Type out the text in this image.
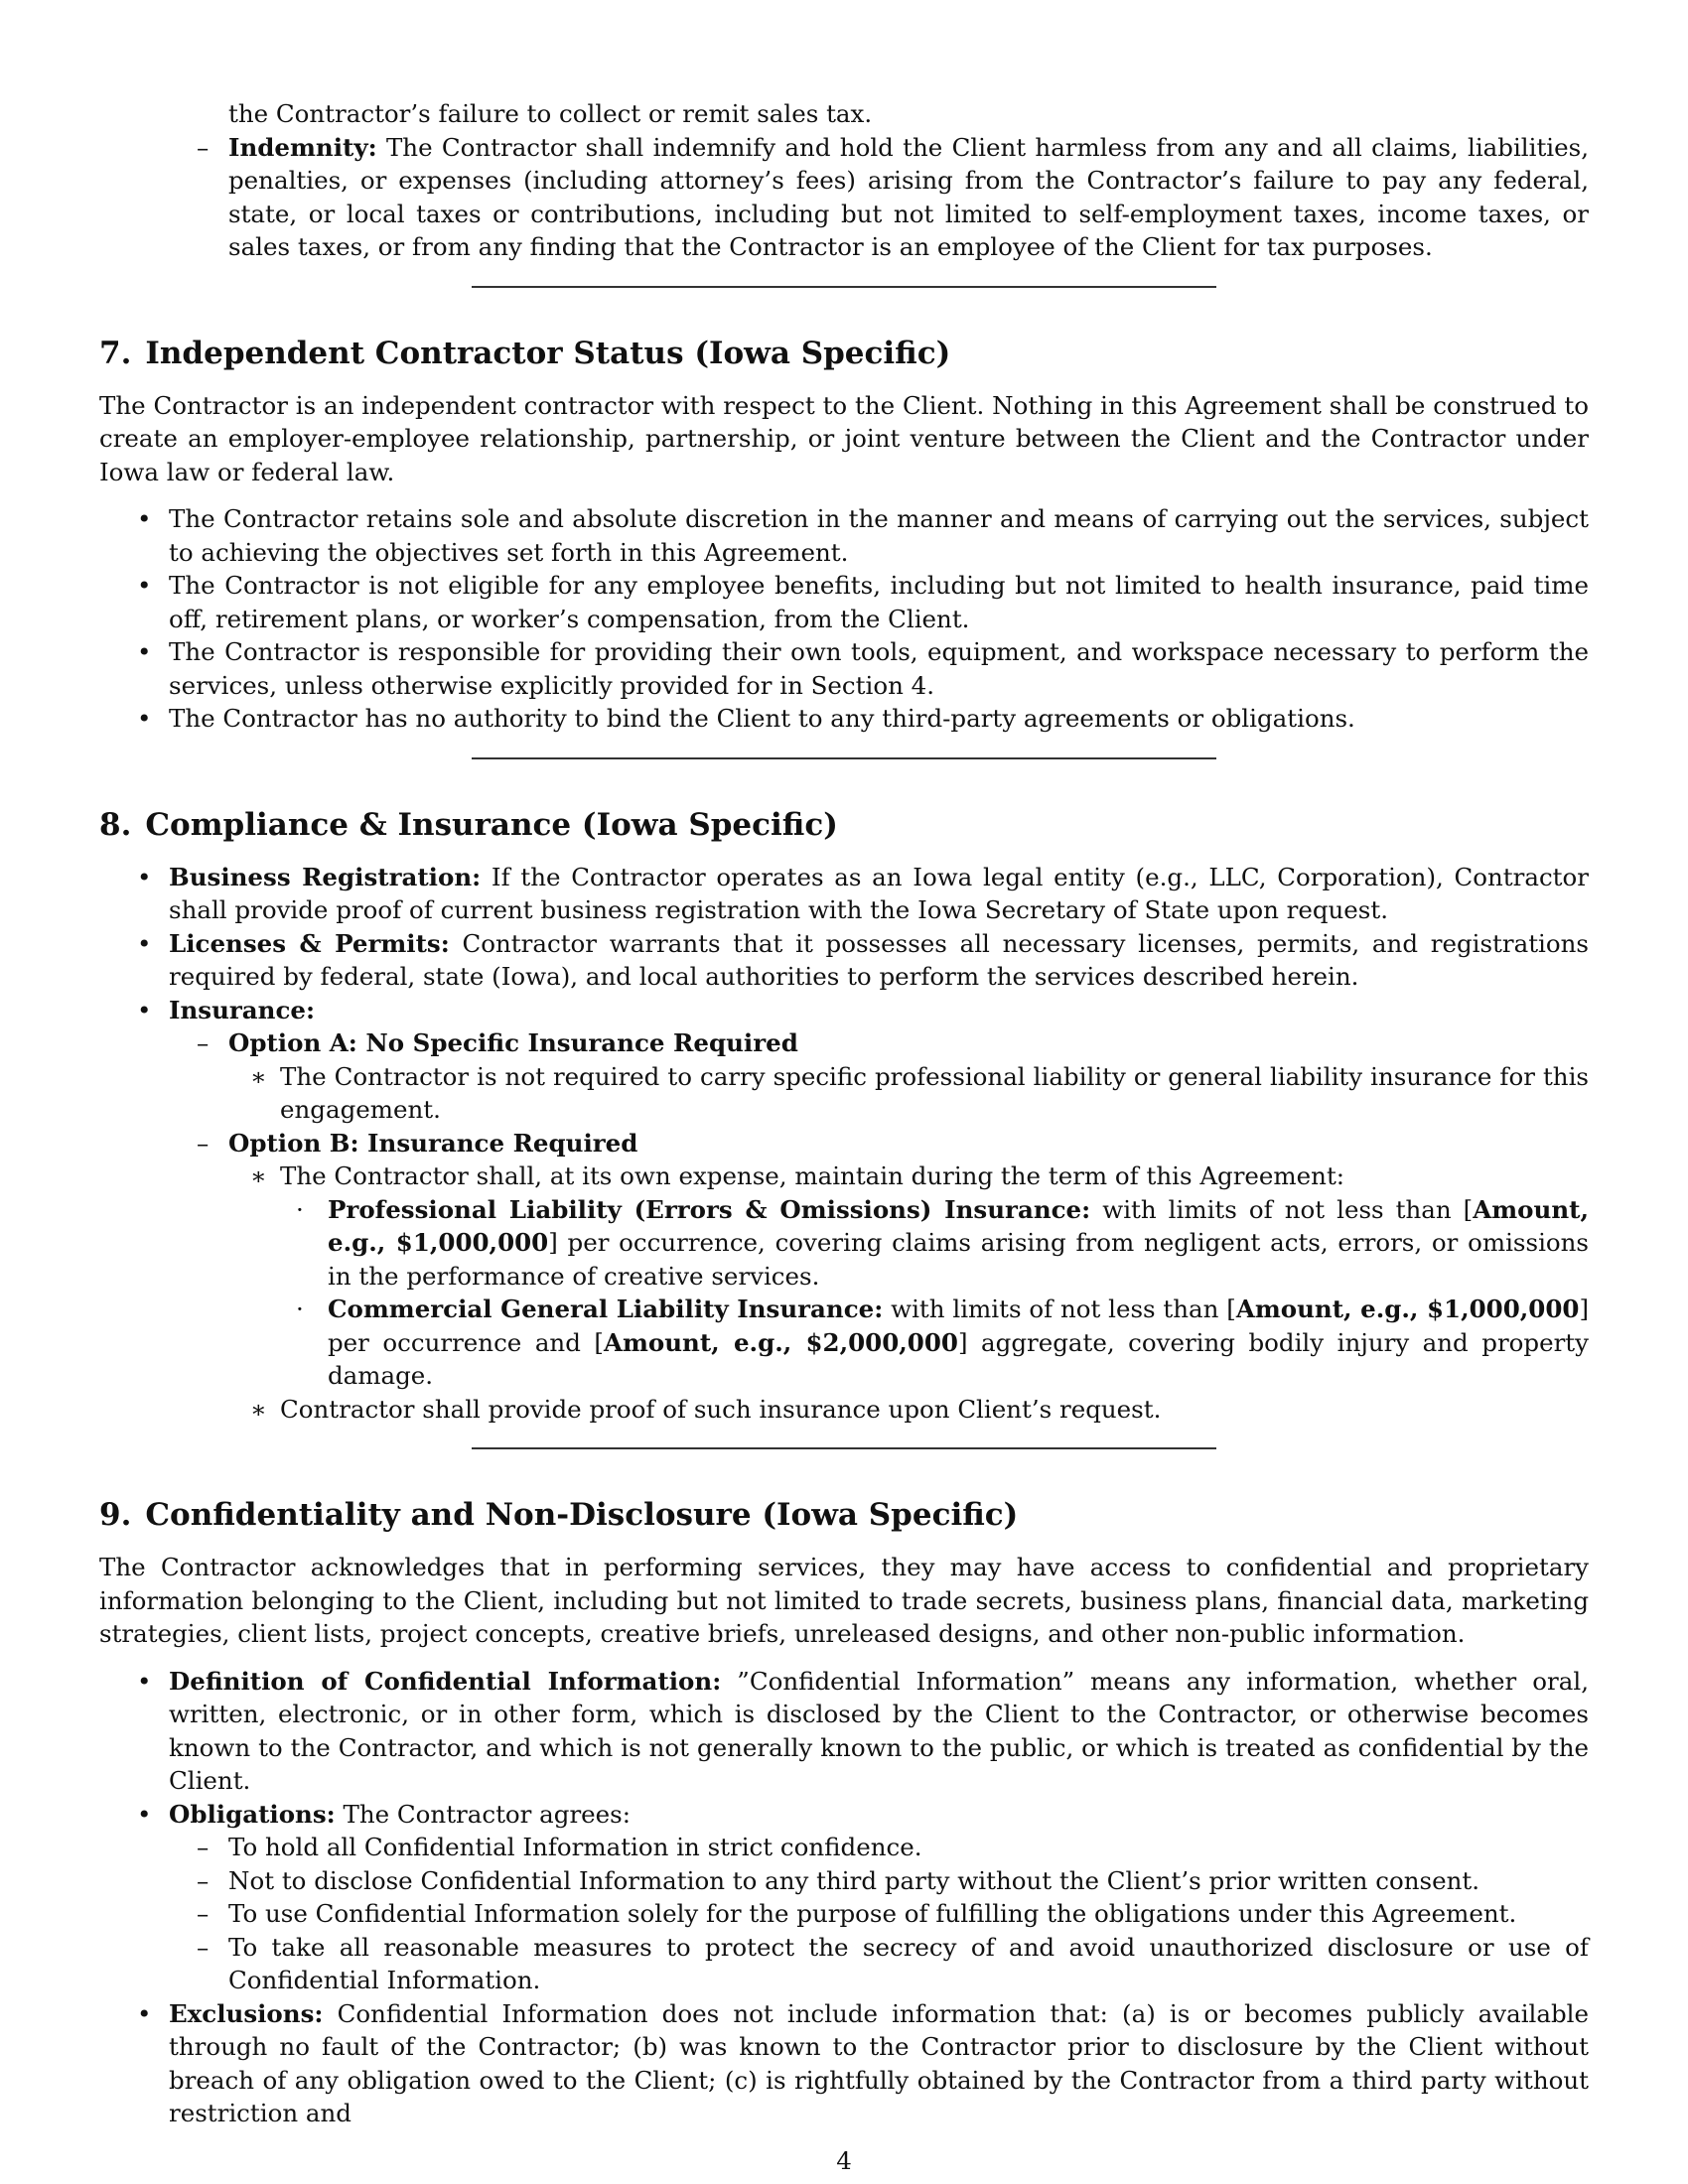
the Contractor’s failure to collect or remit sales tax.
– Indemnity: The Contractor shall indemnify and hold the Client harmless from any and all claims, liabilities, penalties, or expenses (including attorney’s fees) arising from the Contractor’s failure to pay any federal, state, or local taxes or contributions, including but not limited to self-employment taxes, income taxes, or sales taxes, or from any finding that the Contractor is an employee of the Client for tax purposes.
7. Independent Contractor Status (Iowa Specific)

The Contractor is an independent contractor with respect to the Client. Nothing in this Agreement shall be construed to create an employer-employee relationship, partnership, or joint venture between the Client and the Contractor under Iowa law or federal law.

• The Contractor retains sole and absolute discretion in the manner and means of carrying out the services, subject to achieving the objectives set forth in this Agreement.
• The Contractor is not eligible for any employee benefits, including but not limited to health insurance, paid time off, retirement plans, or worker’s compensation, from the Client.
• The Contractor is responsible for providing their own tools, equipment, and workspace necessary to perform the services, unless otherwise explicitly provided for in Section 4.
• The Contractor has no authority to bind the Client to any third-party agreements or obligations.
8. Compliance & Insurance (Iowa Specific)
• Business Registration: If the Contractor operates as an Iowa legal entity (e.g., LLC, Corporation), Contractor shall provide proof of current business registration with the Iowa Secretary of State upon request.
• Licenses & Permits: Contractor warrants that it possesses all necessary licenses, permits, and registrations required by federal, state (Iowa), and local authorities to perform the services described herein.
• Insurance:
– Option A: No Specific Insurance Required
∗ The Contractor is not required to carry specific professional liability or general liability insurance for this engagement.
– Option B: Insurance Required
∗ The Contractor shall, at its own expense, maintain during the term of this Agreement:
· Professional Liability (Errors & Omissions) Insurance: with limits of not less than [Amount, e.g., $1,000,000] per occurrence, covering claims arising from negligent acts, errors, or omissions in the performance of creative services.
· Commercial General Liability Insurance: with limits of not less than [Amount, e.g., $1,000,000] per occurrence and [Amount, e.g., $2,000,000] aggregate, covering bodily injury and property damage.
∗ Contractor shall provide proof of such insurance upon Client’s request.
9. Confidentiality and Non-Disclosure (Iowa Specific)

The Contractor acknowledges that in performing services, they may have access to confidential and proprietary information belonging to the Client, including but not limited to trade secrets, business plans, financial data, marketing strategies, client lists, project concepts, creative briefs, unreleased designs, and other non-public information.

• Definition of Confidential Information: ”Confidential Information” means any information, whether oral, written, electronic, or in other form, which is disclosed by the Client to the Contractor, or otherwise becomes known to the Contractor, and which is not generally known to the public, or which is treated as confidential by the Client.
• Obligations: The Contractor agrees:
– To hold all Confidential Information in strict confidence.
– Not to disclose Confidential Information to any third party without the Client’s prior written consent.
– To use Confidential Information solely for the purpose of fulfilling the obligations under this Agreement.
– To take all reasonable measures to protect the secrecy of and avoid unauthorized disclosure or use of Confidential Information.
• Exclusions: Confidential Information does not include information that: (a) is or becomes publicly available through no fault of the Contractor; (b) was known to the Contractor prior to disclosure by the Client without breach of any obligation owed to the Client; (c) is rightfully obtained by the Contractor from a third party without restriction and
4
